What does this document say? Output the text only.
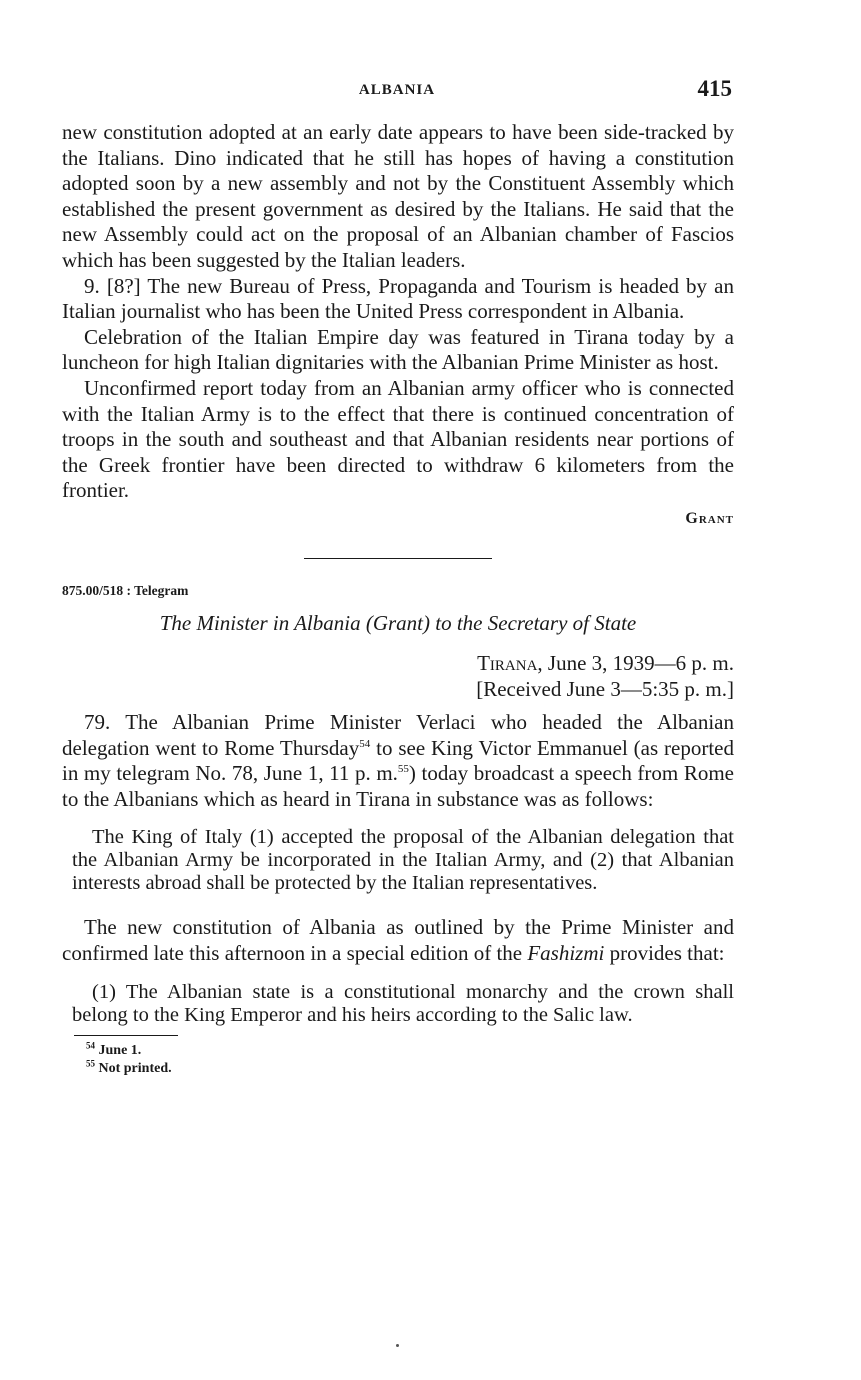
ALBANIA	415

new constitution adopted at an early date appears to have been side-tracked by the Italians. Dino indicated that he still has hopes of having a constitution adopted soon by a new assembly and not by the Constituent Assembly which established the present government as desired by the Italians. He said that the new Assembly could act on the proposal of an Albanian chamber of Fascios which has been suggested by the Italian leaders.

9. [8?] The new Bureau of Press, Propaganda and Tourism is headed by an Italian journalist who has been the United Press correspondent in Albania.

Celebration of the Italian Empire day was featured in Tirana today by a luncheon for high Italian dignitaries with the Albanian Prime Minister as host.

Unconfirmed report today from an Albanian army officer who is connected with the Italian Army is to the effect that there is continued concentration of troops in the south and southeast and that Albanian residents near portions of the Greek frontier have been directed to withdraw 6 kilometers from the frontier.

Grant

875.00/518 : Telegram

The Minister in Albania (Grant) to the Secretary of State

Tirana, June 3, 1939—6 p. m.
[Received June 3—5:35 p. m.]

79. The Albanian Prime Minister Verlaci who headed the Albanian delegation went to Rome Thursday$^{54}$ to see King Victor Emmanuel (as reported in my telegram No. 78, June 1, 11 p. m.$^{55}$) today broadcast a speech from Rome to the Albanians which as heard in Tirana in substance was as follows:

The King of Italy (1) accepted the proposal of the Albanian delegation that the Albanian Army be incorporated in the Italian Army, and (2) that Albanian interests abroad shall be protected by the Italian representatives.

The new constitution of Albania as outlined by the Prime Minister and confirmed late this afternoon in a special edition of the Fashizmi provides that:

(1) The Albanian state is a constitutional monarchy and the crown shall belong to the King Emperor and his heirs according to the Salic law.

$^{54}$ June 1.
$^{55}$ Not printed.
